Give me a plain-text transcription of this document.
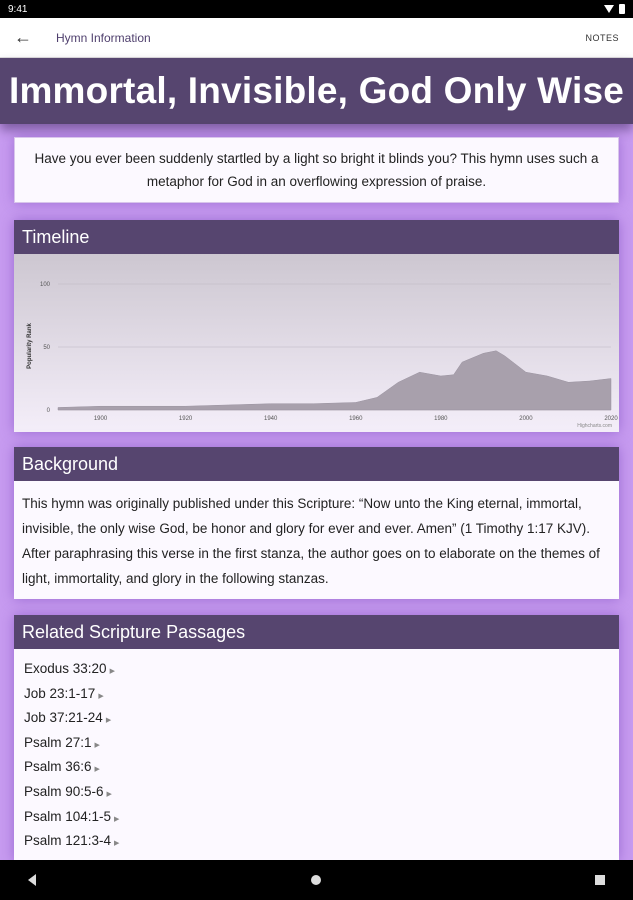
9:41
←	Hymn Information	NOTES
Immortal, Invisible, God Only Wise

Have you ever been suddenly startled by a light so bright it blinds you? This hymn uses such a metaphor for God in an overflowing expression of praise.

Timeline
1900	1920	1940	1960	1980	2000	2020
0
50
100
Popularity Rank
Highcharts.com
Background

This hymn was originally published under this Scripture: “Now unto the King eternal, immortal, invisible, the only wise God, be honor and glory for ever and ever. Amen” (1 Timothy 1:17 KJV). After paraphrasing this verse in the first stanza, the author goes on to elaborate on the themes of light, immortality, and glory in the following stanzas.

Related Scripture Passages
Exodus 33:20 ▶
Job 23:1-17 ▶
Job 37:21-24 ▶
Psalm 27:1 ▶
Psalm 36:6 ▶
Psalm 90:5-6 ▶
Psalm 104:1-5 ▶
Psalm 121:3-4 ▶
